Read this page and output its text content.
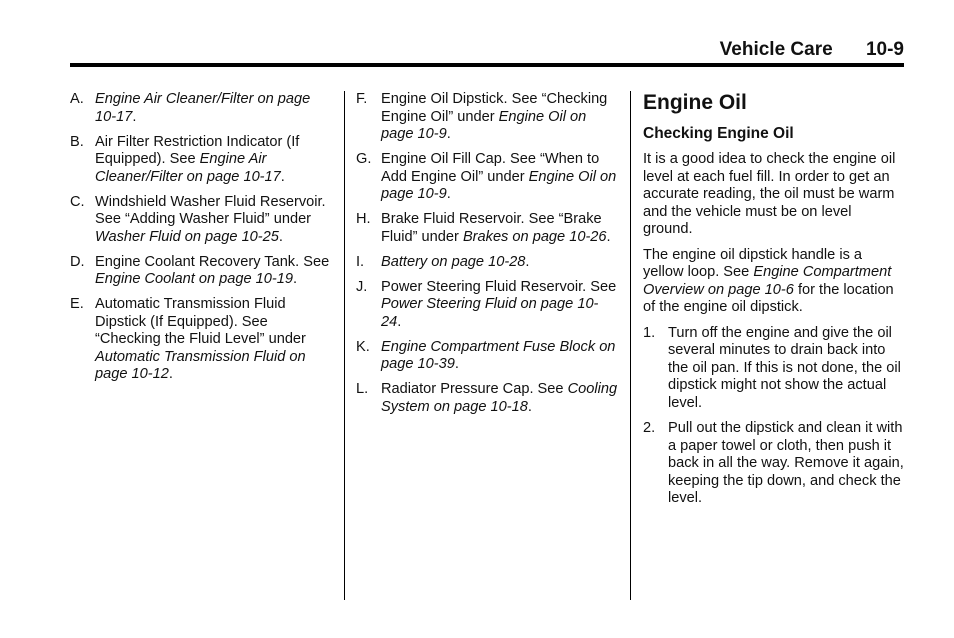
Vehicle Care 10-9
A. Engine Air Cleaner/Filter on page 10-17.
B. Air Filter Restriction Indicator (If Equipped). See Engine Air Cleaner/Filter on page 10-17.
C. Windshield Washer Fluid Reservoir. See “Adding Washer Fluid” under Washer Fluid on page 10-25.
D. Engine Coolant Recovery Tank. See Engine Coolant on page 10-19.
E. Automatic Transmission Fluid Dipstick (If Equipped). See “Checking the Fluid Level” under Automatic Transmission Fluid on page 10-12.
F. Engine Oil Dipstick. See “Checking Engine Oil” under Engine Oil on page 10-9.
G. Engine Oil Fill Cap. See “When to Add Engine Oil” under Engine Oil on page 10-9.
H. Brake Fluid Reservoir. See “Brake Fluid” under Brakes on page 10-26.
I. Battery on page 10-28.
J. Power Steering Fluid Reservoir. See Power Steering Fluid on page 10-24.
K. Engine Compartment Fuse Block on page 10-39.
L. Radiator Pressure Cap. See Cooling System on page 10-18.
Engine Oil
Checking Engine Oil
It is a good idea to check the engine oil level at each fuel fill. In order to get an accurate reading, the oil must be warm and the vehicle must be on level ground.
The engine oil dipstick handle is a yellow loop. See Engine Compartment Overview on page 10-6 for the location of the engine oil dipstick.
1. Turn off the engine and give the oil several minutes to drain back into the oil pan. If this is not done, the oil dipstick might not show the actual level.
2. Pull out the dipstick and clean it with a paper towel or cloth, then push it back in all the way. Remove it again, keeping the tip down, and check the level.
